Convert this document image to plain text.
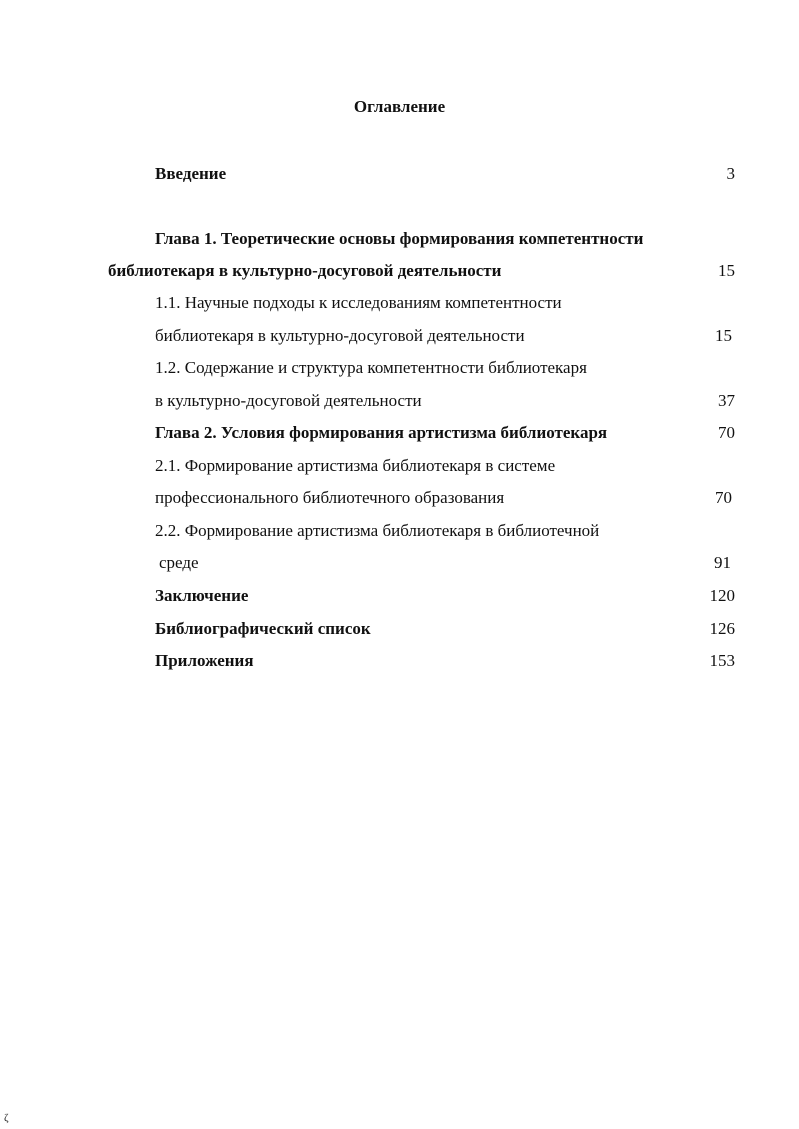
Оглавление
Введение	3
Глава 1. Теоретические основы формирования компетентности
библиотекаря в культурно-досуговой деятельности	15
1.1. Научные подходы к исследованиям компетентности
библиотекаря в культурно-досуговой деятельности	15
1.2. Содержание и структура компетентности библиотекаря
в культурно-досуговой деятельности	37
Глава 2. Условия формирования артистизма библиотекаря	70
2.1. Формирование артистизма библиотекаря в системе
профессионального библиотечного образования	70
2.2. Формирование артистизма библиотекаря в библиотечной
среде	91
Заключение	120
Библиографический список	126
Приложения	153
ζ
